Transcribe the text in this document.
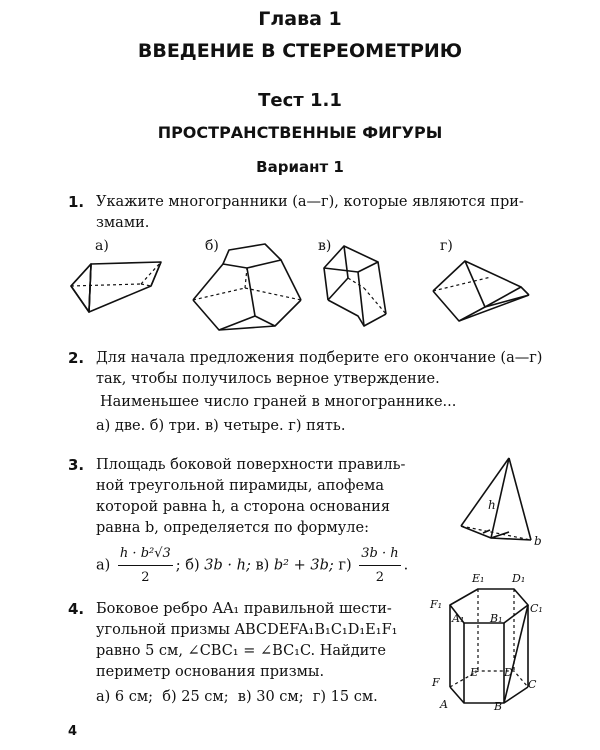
Глава 1
ВВЕДЕНИЕ В СТЕРЕОМЕТРИЮ
Тест 1.1
ПРОСТРАНСТВЕННЫЕ ФИГУРЫ
Вариант 1
1. Укажите многогранники (а—г), которые являются при-
змами.
а)	б)	в)	г)
2. Для начала предложения подберите его окончание (а—г)
так, чтобы получилось верное утверждение.
Наименьшее число граней в многограннике...
а) две. б) три. в) четыре. г) пять.
3. Площадь боковой поверхности правиль-
ной треугольной пирамиды, апофема
которой равна h, а сторона основания
равна b, определяется по формуле:
h
b
$а) \frac{\text{h · b²√3}}{2}$ ; б) 3b · h; в) b² + 3b; $г) \frac{3b \cdot h}{2}$ .
4. Боковое ребро AA₁ правильной шести-
угольной призмы ABCDEFA₁B₁C₁D₁E₁F₁
равно 5 см, ∠CBC₁ = ∠BC₁C. Найдите
периметр основания призмы.
а) 6 см;  б) 25 см;  в) 30 см;  г) 15 см.
E₁	D₁
F₁	C₁
A₁ B₁
E D
F	C
A	B
4
